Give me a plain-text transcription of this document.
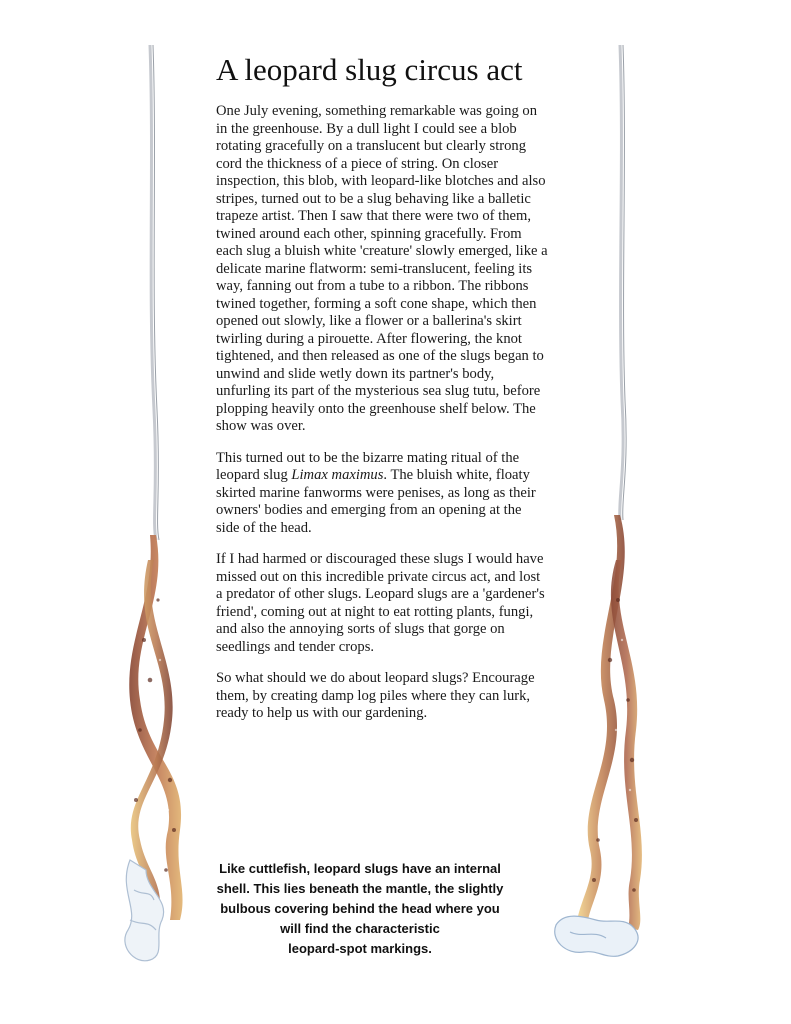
A leopard slug circus act

One July evening, something remarkable was going on in the greenhouse. By a dull light I could see a blob rotating gracefully on a translucent but clearly strong cord the thickness of a piece of string. On closer inspection, this blob, with leopard-like blotches and also stripes, turned out to be a slug behaving like a balletic trapeze artist. Then I saw that there were two of them, twined around each other, spinning gracefully. From each slug a bluish white 'creature' slowly emerged, like a delicate marine flatworm: semi-translucent, feeling its way, fanning out from a tube to a ribbon. The ribbons twined together, forming a soft cone shape, which then opened out slowly, like a flower or a ballerina's skirt twirling during a pirouette. After flowering, the knot tightened, and then released as one of the slugs began to unwind and slide wetly down its partner's body, unfurling its part of the mysterious sea slug tutu, before plopping heavily onto the greenhouse shelf below. The show was over.

This turned out to be the bizarre mating ritual of the leopard slug Limax maximus. The bluish white, floaty skirted marine fanworms were penises, as long as their owners' bodies and emerging from an opening at the side of the head.

If I had harmed or discouraged these slugs I would have missed out on this incredible private circus act, and lost a predator of other slugs. Leopard slugs are a 'gardener's friend', coming out at night to eat rotting plants, fungi, and also the annoying sorts of slugs that gorge on seedlings and tender crops.

So what should we do about leopard slugs? Encourage them, by creating damp log piles where they can lurk, ready to help us with our gardening.

Like cuttlefish, leopard slugs have an internal
shell. This lies beneath the mantle, the slightly
bulbous covering behind the head where you
will find the characteristic
leopard-spot markings.
